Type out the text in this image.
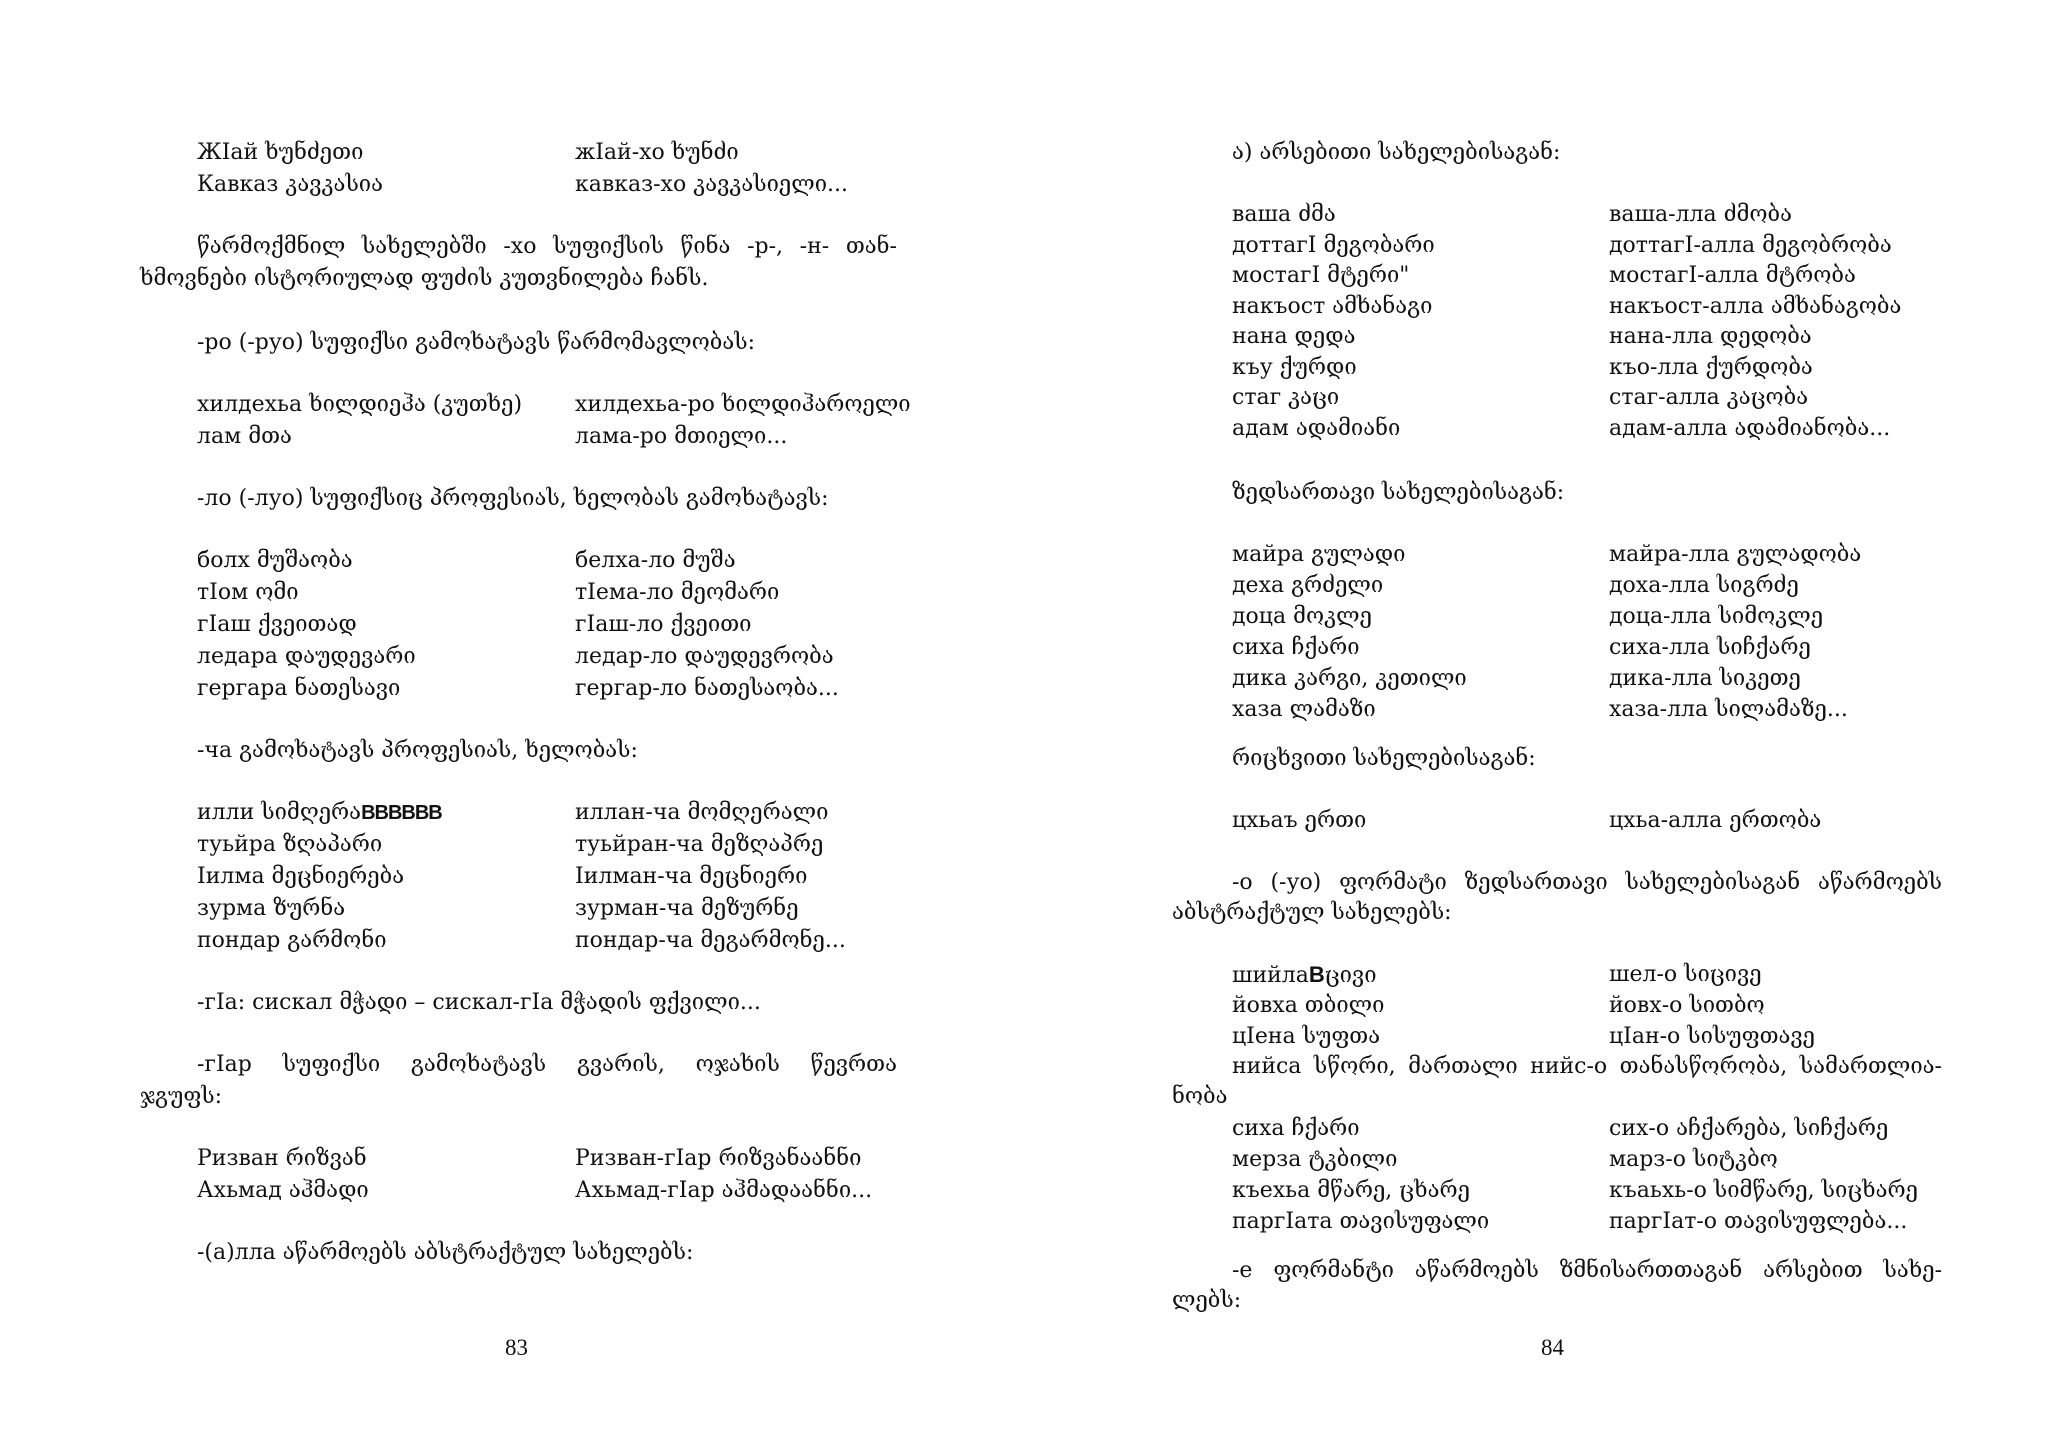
ЖIай ხუნძეთი	жIай-хо ხუნძი
Кавказ კავკასია	кавказ-хо კავკასიელი...
წარმოქმნილ სახელებში -хо სუფიქსის წინა -р-, -н- თან-
ხმოვნები ისტორიულად ფუძის კუთვნილება ჩანს.
-ро (-руо) სუფიქსი გამოხატავს წარმომავლობას:
хилдехьа ხილდიეჰა (კუთხე) хилдехьа-ро ხილდიჰაროელი
лам მთა	лама-ро მთიელი...
-ло (-луо) სუფიქსიც პროფესიას, ხელობას გამოხატავს:
болх მუშაობა	белха-ло მუშა
тIом ომი	тIема-ло მეომარი
гIаш ქვეითად	гIаш-ло ქვეითი
ледара დაუდევარი	ледар-ло დაუდევრობა
гергара ნათესავი	гергар-ло ნათესაობა...
-ча გამოხატავს პროფესიას, ხელობას:
илли სიმღერაBBBBBB	иллан-ча მომღერალი
туьйра ზღაპარი	туьйран-ча მეზღაპრე
Iилма მეცნიერება	Iилман-ча მეცნიერი
зурма ზურნა	зурман-ча მეზურნე
пондар გარმონი	пондар-ча მეგარმონე...
-гIа: сискал მჭადი – сискал-гIа მჭადის ფქვილი...
-гIар სუფიქსი გამოხატავს გვარის, ოჯახის წევრთა
ჯგუფს:
Ризван რიზვან	Ризван-гIар რიზვანაანნი
Ахьмад აჰმადი	Ахьмад-гIар აჰმადაანნი...
-(а)лла აწარმოებს აბსტრაქტულ სახელებს:
83
ა) არსებითი სახელებისაგან:
ваша ძმა	ваша-лла ძმობა
доттагI მეგობარი	доттагI-алла მეგობრობა
мостагI მტერი"	мостагI-алла მტრობა
накъост ამხანაგი	накъост-алла ამხანაგობა
нана დედა	нана-лла დედობა
къу ქურდი	къо-лла ქურდობა
стаг კაცი	стаг-алла კაცობა
адам ადამიანი	адам-алла ადამიანობა...
ზედსართავი სახელებისაგან:
майра გულადი	майра-лла გულადობა
деха გრძელი	доха-лла სიგრძე
доца მოკლე	доца-лла სიმოკლე
сиха ჩქარი	сиха-лла სიჩქარე
дика კარგი, კეთილი	дика-лла სიკეთე
хаза ლამაზი	хаза-лла სილამაზე...
რიცხვითი სახელებისაგან:
цхьаъ ერთი	цхьа-алла ერთობა
-о (-уо) ფორმატი ზედსართავი სახელებისაგან აწარმოებს
აბსტრაქტულ სახელებს:
шийлаBცივი	шел-о სიცივე
йовха თბილი	йовх-о სითბო
цIена სუფთა	цIан-о სისუფთავე
нийса სწორი, მართალი нийс-о თანასწორობა, სამართლია-
ნობა
сиха ჩქარი	сих-о აჩქარება, სიჩქარე
мерза ტკბილი	марз-о სიტკბო
къехьа მწარე, ცხარე	къаьхь-о სიმწარე, სიცხარე
паргIата თავისუფალი	паргIат-о თავისუფლება...
-е ფორმანტი აწარმოებს ზმნისართთაგან არსებით სახე-
ლებს:
84
